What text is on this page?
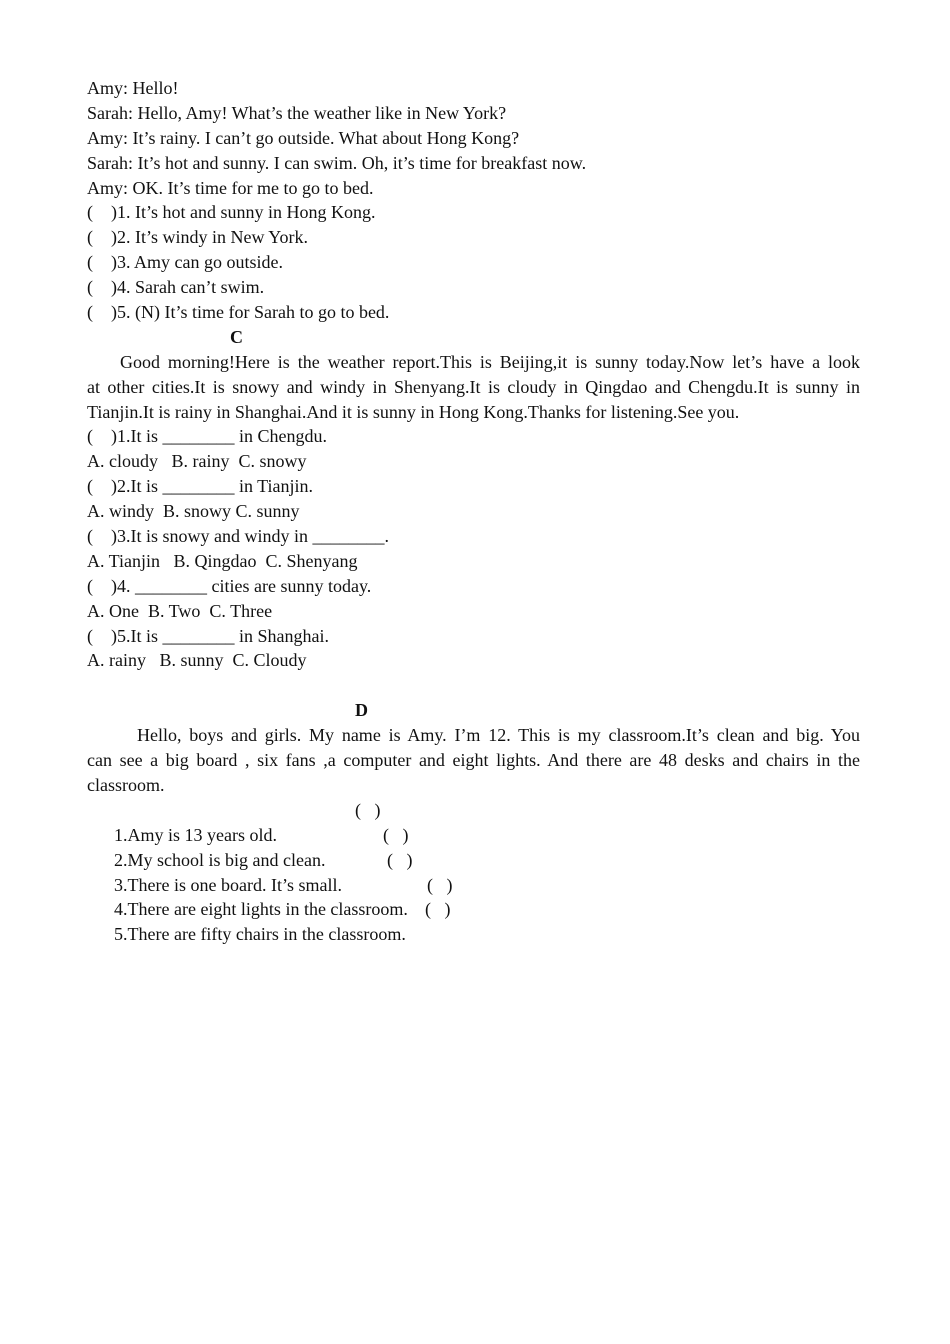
Amy: Hello!
Sarah: Hello, Amy! What’s the weather like in New York?
Amy: It’s rainy. I can’t go outside. What about Hong Kong?
Sarah: It’s hot and sunny. I can swim. Oh, it’s time for breakfast now.
Amy: OK. It’s time for me to go to bed.
(    )1. It’s hot and sunny in Hong Kong.
(    )2. It’s windy in New York.
(    )3. Amy can go outside.
(    )4. Sarah can’t swim.
(    )5. (N) It’s time for Sarah to go to bed.
C
Good morning!Here is the weather report.This is Beijing,it is sunny today.Now let’s have a look
at other cities.It is snowy and windy in Shenyang.It is cloudy in Qingdao and Chengdu.It is sunny in
Tianjin.It is rainy in Shanghai.And it is sunny in Hong Kong.Thanks for listening.See you.
(    )1.It is ________ in Chengdu.
A. cloudy   B. rainy  C. snowy
(    )2.It is ________ in Tianjin.
A. windy  B. snowy C. sunny
(    )3.It is snowy and windy in ________.
A. Tianjin   B. Qingdao  C. Shenyang
(    )4. ________ cities are sunny today.
A. One  B. Two  C. Three
(    )5.It is ________ in Shanghai.
A. rainy   B. sunny  C. Cloudy
D
Hello, boys and girls. My name is Amy. I’m 12. This is my classroom.It’s clean and big. You
can see a big board , six fans ,a computer and eight lights. And there are 48 desks and chairs in the
classroom.

1.Amy is 13 years old.

(   )

2.My school is big and clean.

(   )

3.There is one board. It’s small.

(   )

4.There are eight lights in the classroom.

(   )

5.There are fifty chairs in the classroom.

(   )
